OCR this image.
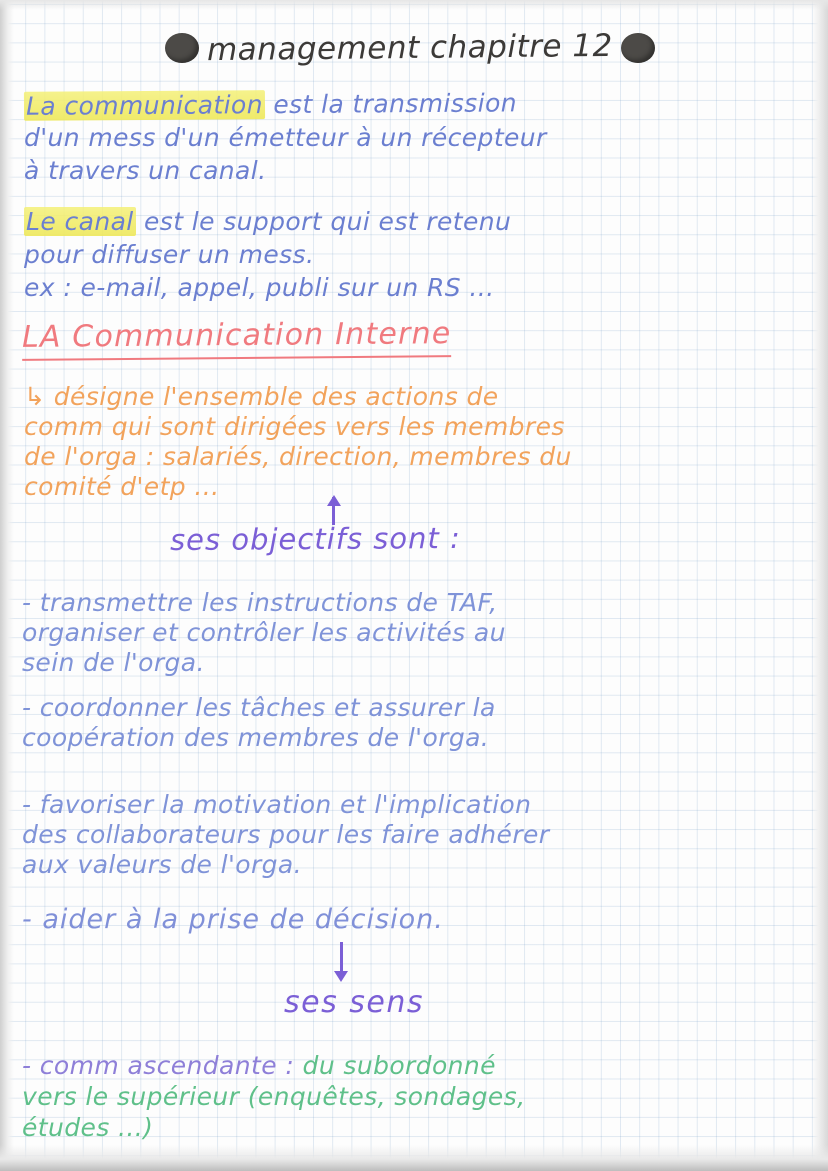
management chapitre 12
La communication est la transmission
d'un mess d'un émetteur à un récepteur
à travers un canal.
Le canal est le support qui est retenu
pour diffuser un mess.
ex : e-mail, appel, publi sur un RS ...
LA Communication Interne
↳ désigne l'ensemble des actions de
comm qui sont dirigées vers les membres
de l'orga : salariés, direction, membres du
comité d'etp ...
ses objectifs sont :
- transmettre les instructions de TAF,
organiser et contrôler les activités au
sein de l'orga.
- coordonner les tâches et assurer la
coopération des membres de l'orga.
- favoriser la motivation et l'implication
des collaborateurs pour les faire adhérer
aux valeurs de l'orga.
- aider à la prise de décision.
ses sens
- comm ascendante : du subordonné
vers le supérieur (enquêtes, sondages,
études ...)
